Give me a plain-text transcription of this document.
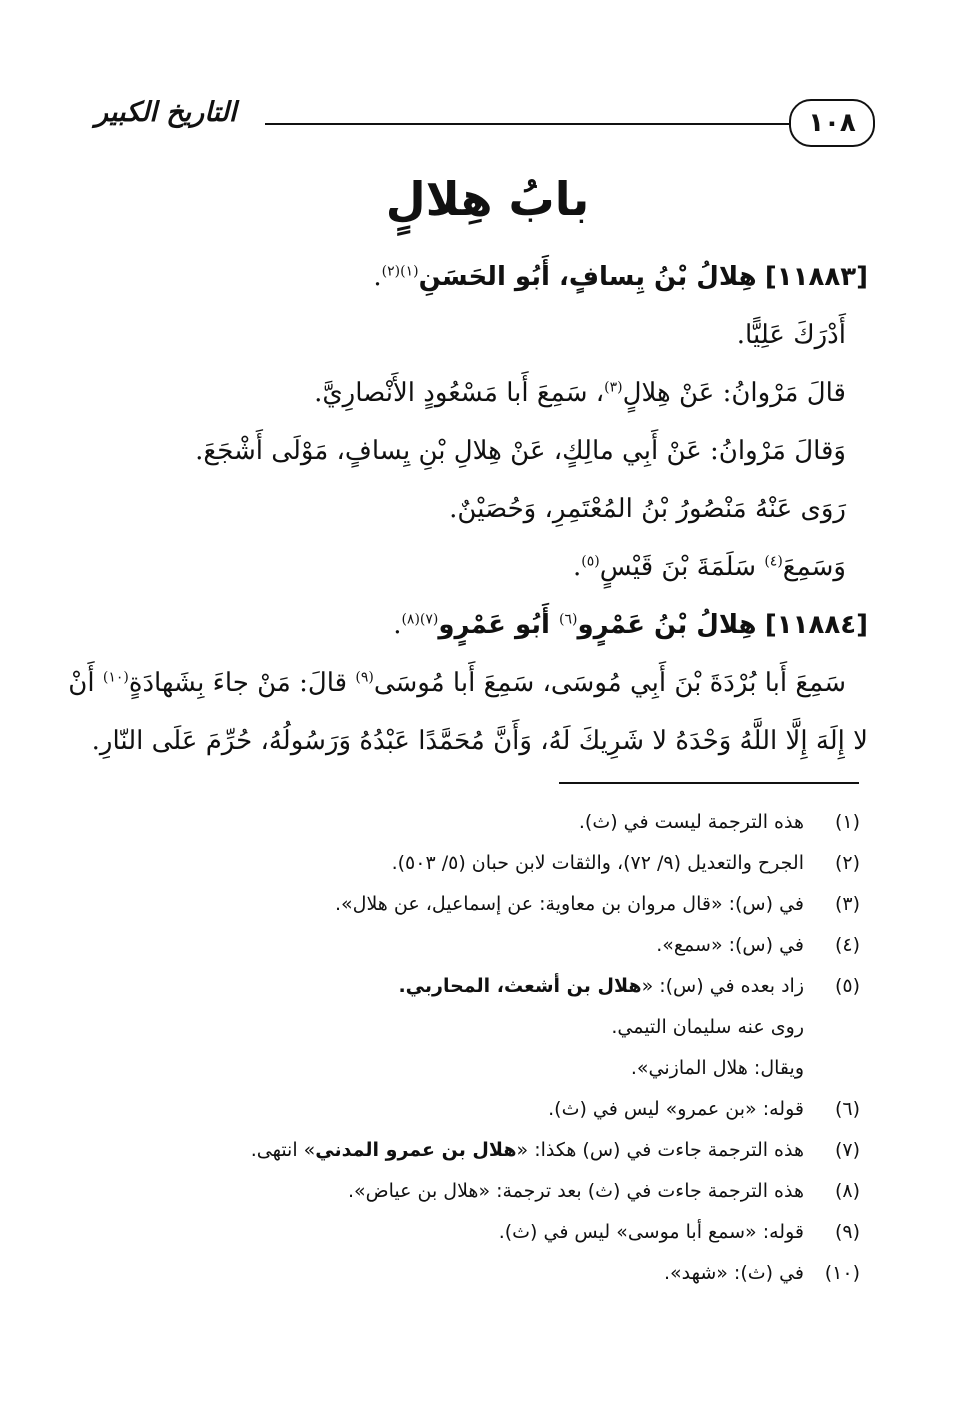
التاريخ الكبير	١٠٨
بابُ هِلالٍ
[١١٨٨٣] هِلالُ بْنُ يِسافٍ، أَبُو الحَسَنِ$^{(١)(٢)}$.
أَدْرَكَ عَلِيًّا.
قالَ مَرْوانُ: عَنْ هِلالٍ$^{(٣)}$، سَمِعَ أَبا مَسْعُودٍ الأَنْصارِيَّ.
وَقالَ مَرْوانُ: عَنْ أَبِي مالِكٍ، عَنْ هِلالِ بْنِ يِسافٍ، مَوْلَى أَشْجَعَ.
رَوَى عَنْهُ مَنْصُورُ بْنُ المُعْتَمِرِ، وَحُصَيْنٌ.
وَسَمِعَ$^{(٤)}$ سَلَمَةَ بْنَ قَيْسٍ$^{(٥)}$.
[١١٨٨٤] هِلالُ بْنُ عَمْرٍو$^{(٦)}$ أَبُو عَمْرٍو$^{(٧)(٨)}$.
سَمِعَ أَبا بُرْدَةَ بْنَ أَبِي مُوسَى، سَمِعَ أَبا مُوسَى$^{(٩)}$ قالَ: مَنْ جاءَ بِشَهادَةٍ$^{(١٠)}$ أَنْ
لا إِلَهَ إِلَّا اللَّهُ وَحْدَهُ لا شَرِيكَ لَهُ، وَأَنَّ مُحَمَّدًا عَبْدُهُ وَرَسُولُهُ، حُرِّمَ عَلَى النّارِ.
(١)
هذه الترجمة ليست في (ث).
(٢)
الجرح والتعديل (٩/ ٧٢)، والثقات لابن حبان (٥/ ٥٠٣).
(٣)
في (س): «قال مروان بن معاوية: عن إسماعيل، عن هلال».
(٤)
في (س): «سمع».
(٥)
زاد بعده في (س): «هلال بن أشعث، المحاربي.
روى عنه سليمان التيمي.
ويقال: هلال المازني».
(٦)
قوله: «بن عمرو» ليس في (ث).
(٧)
هذه الترجمة جاءت في (س) هكذا: «هلال بن عمرو المدني» انتهى.
(٨)
هذه الترجمة جاءت في (ث) بعد ترجمة: «هلال بن عياض».
(٩)
قوله: «سمع أبا موسى» ليس في (ث).
(١٠)
في (ث): «شهد».
